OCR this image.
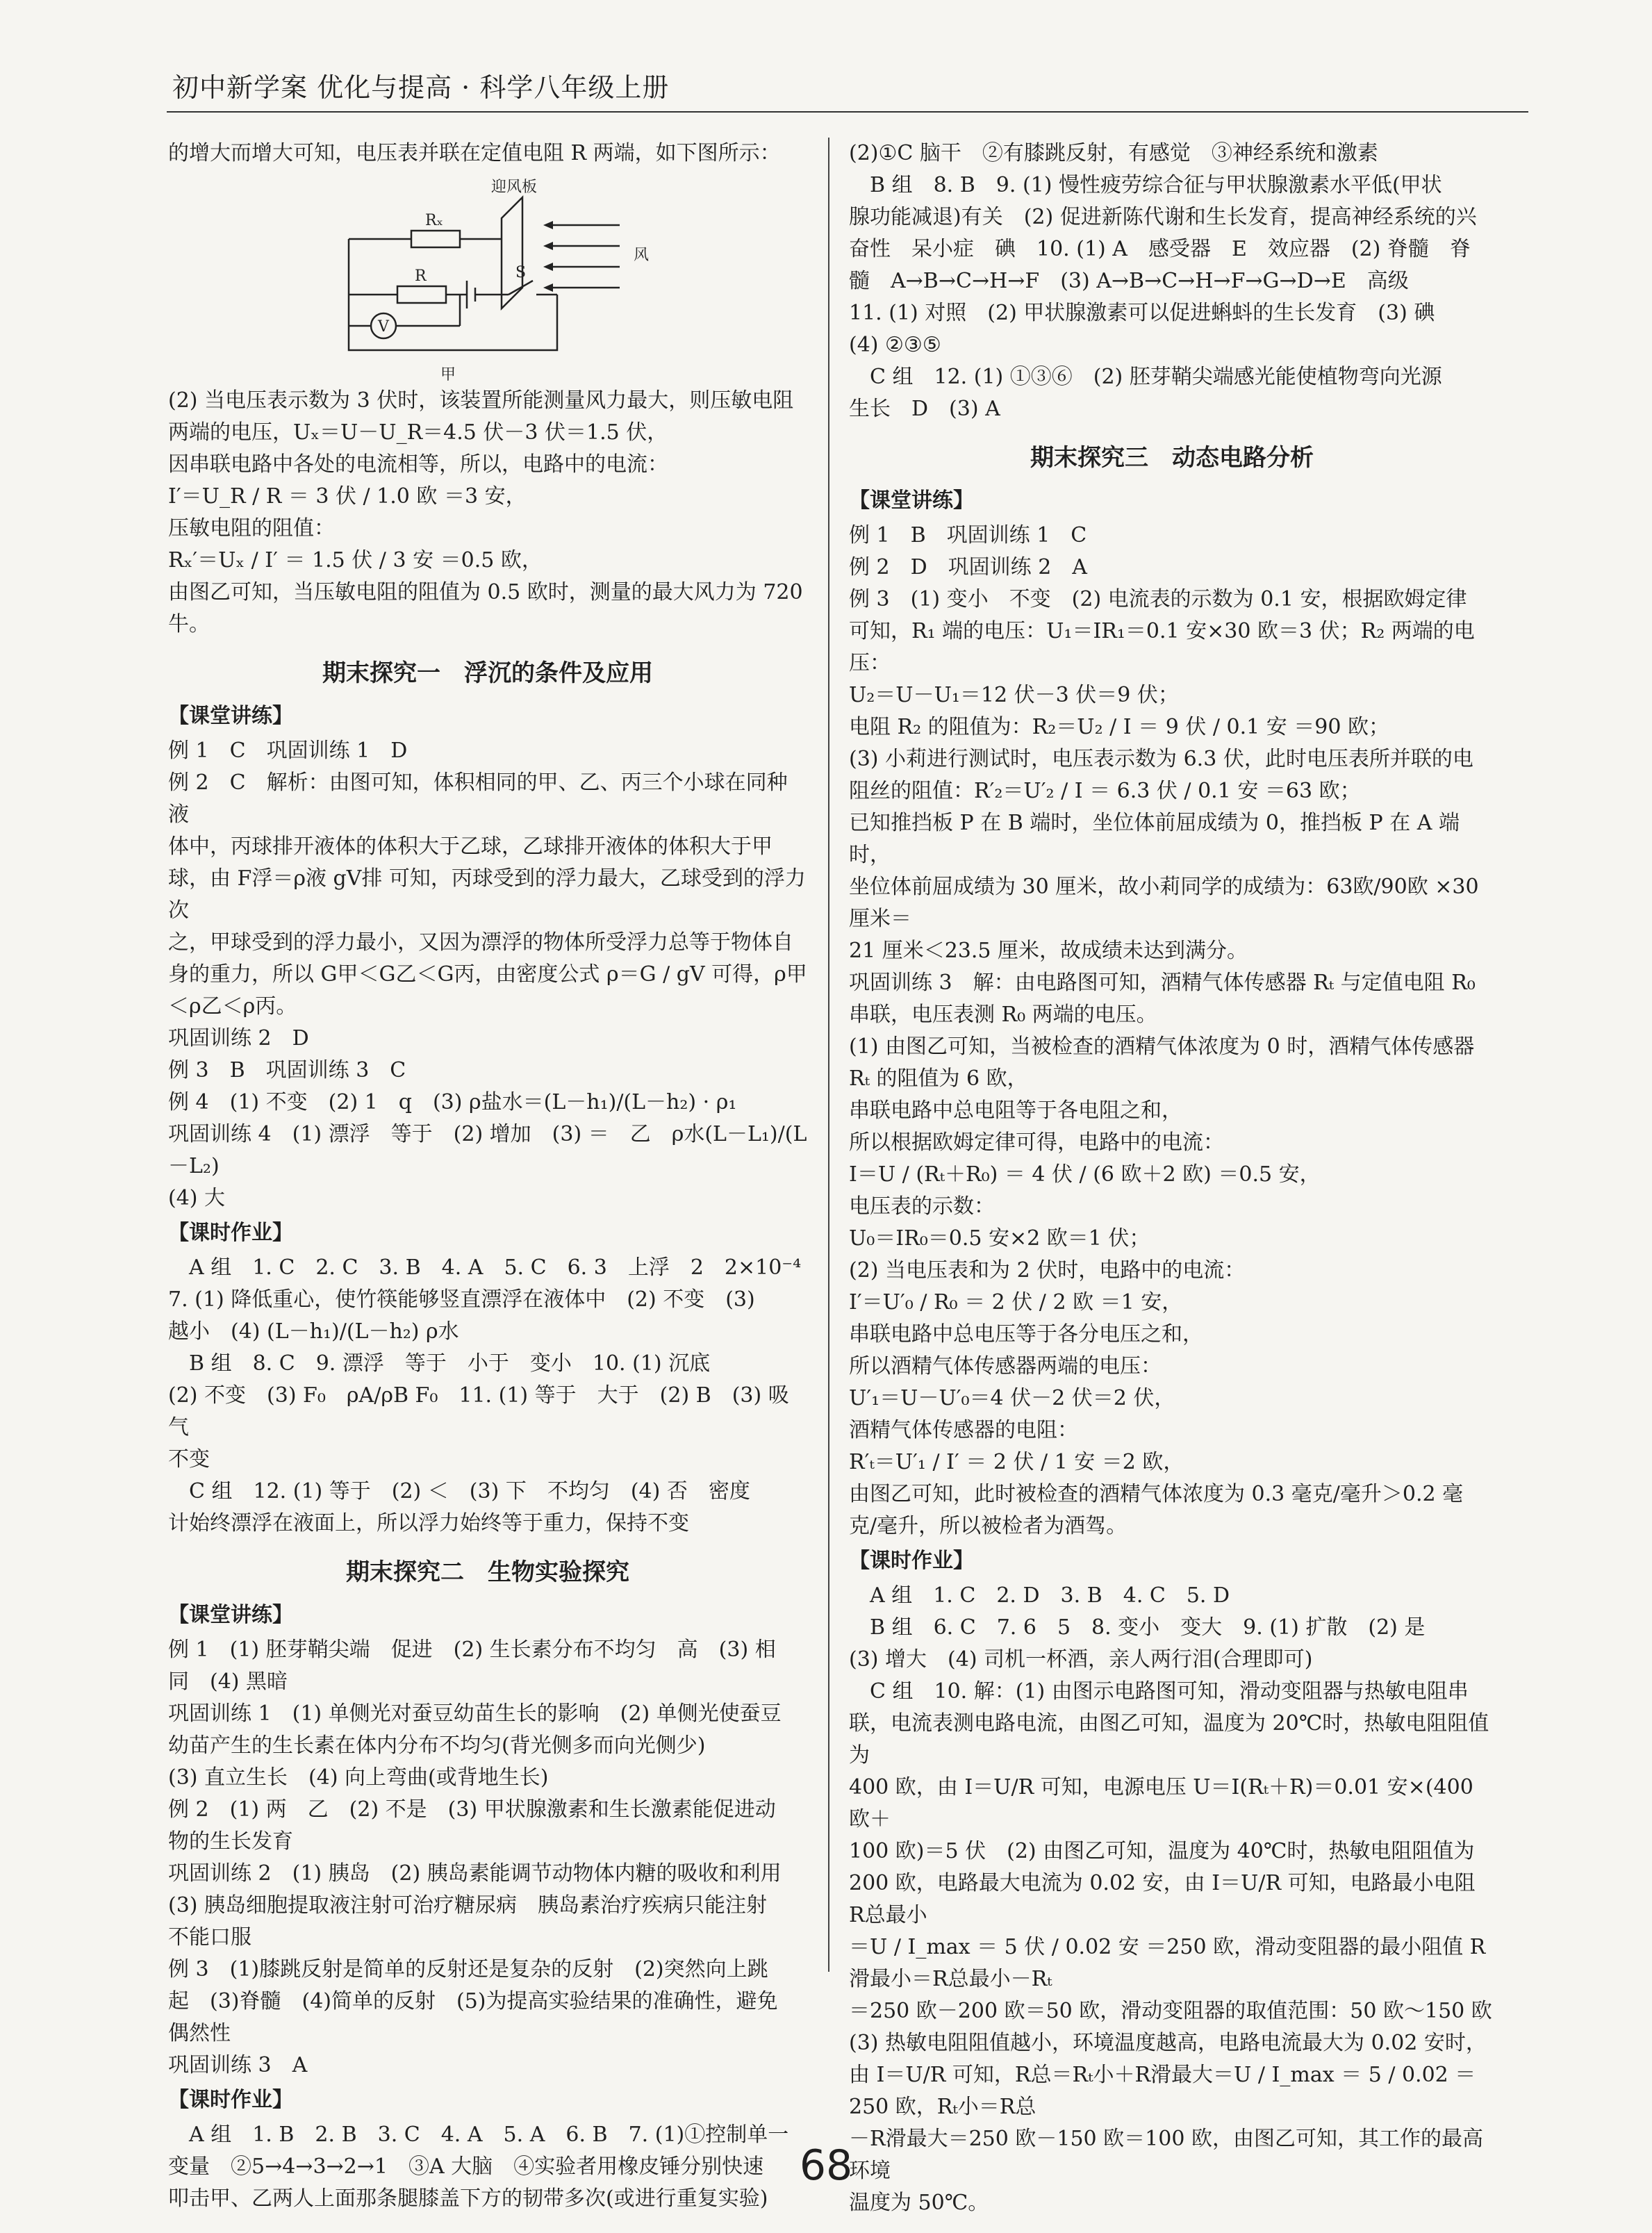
初中新学案 优化与提高 · 科学八年级上册

的增大而增大可知，电压表并联在定值电阻 R 两端，如下图所示：

迎风板
风
Rₓ
R	S
V
甲

(2) 当电压表示数为 3 伏时，该装置所能测量风力最大，则压敏电阻

两端的电压，Uₓ＝U－U_R＝4.5 伏－3 伏＝1.5 伏，

因串联电路中各处的电流相等，所以，电路中的电流：

I′＝U_R / R ＝ 3 伏 / 1.0 欧 ＝3 安，

压敏电阻的阻值：

Rₓ′＝Uₓ / I′ ＝ 1.5 伏 / 3 安 ＝0.5 欧，

由图乙可知，当压敏电阻的阻值为 0.5 欧时，测量的最大风力为 720 牛。

期末探究一　浮沉的条件及应用
【课堂讲练】

例 1　C　巩固训练 1　D

例 2　C　解析：由图可知，体积相同的甲、乙、丙三个小球在同种液

体中，丙球排开液体的体积大于乙球，乙球排开液体的体积大于甲

球，由 F浮＝ρ液 gV排 可知，丙球受到的浮力最大，乙球受到的浮力次

之，甲球受到的浮力最小，又因为漂浮的物体所受浮力总等于物体自

身的重力，所以 G甲＜G乙＜G丙，由密度公式 ρ＝G / gV 可得，ρ甲＜ρ乙＜ρ丙。

巩固训练 2　D

例 3　B　巩固训练 3　C

例 4　(1) 不变　(2) 1　q　(3) ρ盐水＝(L－h₁)/(L－h₂) · ρ₁

巩固训练 4　(1) 漂浮　等于　(2) 增加　(3) ＝　乙　ρ水(L－L₁)/(L－L₂)

(4) 大

【课时作业】

　A 组　1. C　2. C　3. B　4. A　5. C　6. 3　上浮　2　2×10⁻⁴

7. (1) 降低重心，使竹筷能够竖直漂浮在液体中　(2) 不变　(3)

越小　(4) (L－h₁)/(L－h₂) ρ水

　B 组　8. C　9. 漂浮　等于　小于　变小　10. (1) 沉底

(2) 不变　(3) F₀　ρA/ρB F₀　11. (1) 等于　大于　(2) B　(3) 吸气

不变

　C 组　12. (1) 等于　(2) ＜　(3) 下　不均匀　(4) 否　密度

计始终漂浮在液面上，所以浮力始终等于重力，保持不变

期末探究二　生物实验探究
【课堂讲练】

例 1　(1) 胚芽鞘尖端　促进　(2) 生长素分布不均匀　高　(3) 相

同　(4) 黑暗

巩固训练 1　(1) 单侧光对蚕豆幼苗生长的影响　(2) 单侧光使蚕豆

幼苗产生的生长素在体内分布不均匀(背光侧多而向光侧少)

(3) 直立生长　(4) 向上弯曲(或背地生长)

例 2　(1) 两　乙　(2) 不是　(3) 甲状腺激素和生长激素能促进动

物的生长发育

巩固训练 2　(1) 胰岛　(2) 胰岛素能调节动物体内糖的吸收和利用

(3) 胰岛细胞提取液注射可治疗糖尿病　胰岛素治疗疾病只能注射

不能口服

例 3　(1)膝跳反射是简单的反射还是复杂的反射　(2)突然向上跳

起　(3)脊髓　(4)简单的反射　(5)为提高实验结果的准确性，避免

偶然性

巩固训练 3　A

【课时作业】

　A 组　1. B　2. B　3. C　4. A　5. A　6. B　7. (1)①控制单一

变量　②5→4→3→2→1　③A 大脑　④实验者用橡皮锤分别快速

叩击甲、乙两人上面那条腿膝盖下方的韧带多次(或进行重复实验)

(2)①C 脑干　②有膝跳反射，有感觉　③神经系统和激素

　B 组　8. B　9. (1) 慢性疲劳综合征与甲状腺激素水平低(甲状

腺功能减退)有关　(2) 促进新陈代谢和生长发育，提高神经系统的兴

奋性　呆小症　碘　10. (1) A　感受器　E　效应器　(2) 脊髓　脊

髓　A→B→C→H→F　(3) A→B→C→H→F→G→D→E　高级

11. (1) 对照　(2) 甲状腺激素可以促进蝌蚪的生长发育　(3) 碘

(4) ②③⑤

　C 组　12. (1) ①③⑥　(2) 胚芽鞘尖端感光能使植物弯向光源

生长　D　(3) A

期末探究三　动态电路分析
【课堂讲练】

例 1　B　巩固训练 1　C

例 2　D　巩固训练 2　A

例 3　(1) 变小　不变　(2) 电流表的示数为 0.1 安，根据欧姆定律

可知，R₁ 端的电压：U₁＝IR₁＝0.1 安×30 欧＝3 伏；R₂ 两端的电压：

U₂＝U－U₁＝12 伏－3 伏＝9 伏；

电阻 R₂ 的阻值为：R₂＝U₂ / I ＝ 9 伏 / 0.1 安 ＝90 欧；

(3) 小莉进行测试时，电压表示数为 6.3 伏，此时电压表所并联的电

阻丝的阻值：R′₂＝U′₂ / I ＝ 6.3 伏 / 0.1 安 ＝63 欧；

已知推挡板 P 在 B 端时，坐位体前屈成绩为 0，推挡板 P 在 A 端时，

坐位体前屈成绩为 30 厘米，故小莉同学的成绩为：63欧/90欧 ×30 厘米＝

21 厘米＜23.5 厘米，故成绩未达到满分。

巩固训练 3　解：由电路图可知，酒精气体传感器 Rₜ 与定值电阻 R₀

串联，电压表测 R₀ 两端的电压。

(1) 由图乙可知，当被检查的酒精气体浓度为 0 时，酒精气体传感器

Rₜ 的阻值为 6 欧，

串联电路中总电阻等于各电阻之和，

所以根据欧姆定律可得，电路中的电流：

I＝U / (Rₜ＋R₀) ＝ 4 伏 / (6 欧＋2 欧) ＝0.5 安，

电压表的示数：

U₀＝IR₀＝0.5 安×2 欧＝1 伏；

(2) 当电压表和为 2 伏时，电路中的电流：

I′＝U′₀ / R₀ ＝ 2 伏 / 2 欧 ＝1 安，

串联电路中总电压等于各分电压之和，

所以酒精气体传感器两端的电压：

U′₁＝U－U′₀＝4 伏－2 伏＝2 伏，

酒精气体传感器的电阻：

R′ₜ＝U′₁ / I′ ＝ 2 伏 / 1 安 ＝2 欧，

由图乙可知，此时被检查的酒精气体浓度为 0.3 毫克/毫升＞0.2 毫

克/毫升，所以被检者为酒驾。

【课时作业】

　A 组　1. C　2. D　3. B　4. C　5. D

　B 组　6. C　7. 6　5　8. 变小　变大　9. (1) 扩散　(2) 是

(3) 增大　(4) 司机一杯酒，亲人两行泪(合理即可)

　C 组　10. 解：(1) 由图示电路图可知，滑动变阻器与热敏电阻串

联，电流表测电路电流，由图乙可知，温度为 20℃时，热敏电阻阻值为

400 欧，由 I＝U/R 可知，电源电压 U＝I(Rₜ＋R)＝0.01 安×(400 欧＋

100 欧)＝5 伏　(2) 由图乙可知，温度为 40℃时，热敏电阻阻值为

200 欧，电路最大电流为 0.02 安，由 I＝U/R 可知，电路最小电阻 R总最小

＝U / I_max ＝ 5 伏 / 0.02 安 ＝250 欧，滑动变阻器的最小阻值 R滑最小＝R总最小－Rₜ

＝250 欧－200 欧＝50 欧，滑动变阻器的取值范围：50 欧～150 欧

(3) 热敏电阻阻值越小，环境温度越高，电路电流最大为 0.02 安时，

由 I＝U/R 可知，R总＝Rₜ小＋R滑最大＝U / I_max ＝ 5 / 0.02 ＝250 欧，Rₜ小＝R总

－R滑最大＝250 欧－150 欧＝100 欧，由图乙可知，其工作的最高环境

温度为 50℃。

68
